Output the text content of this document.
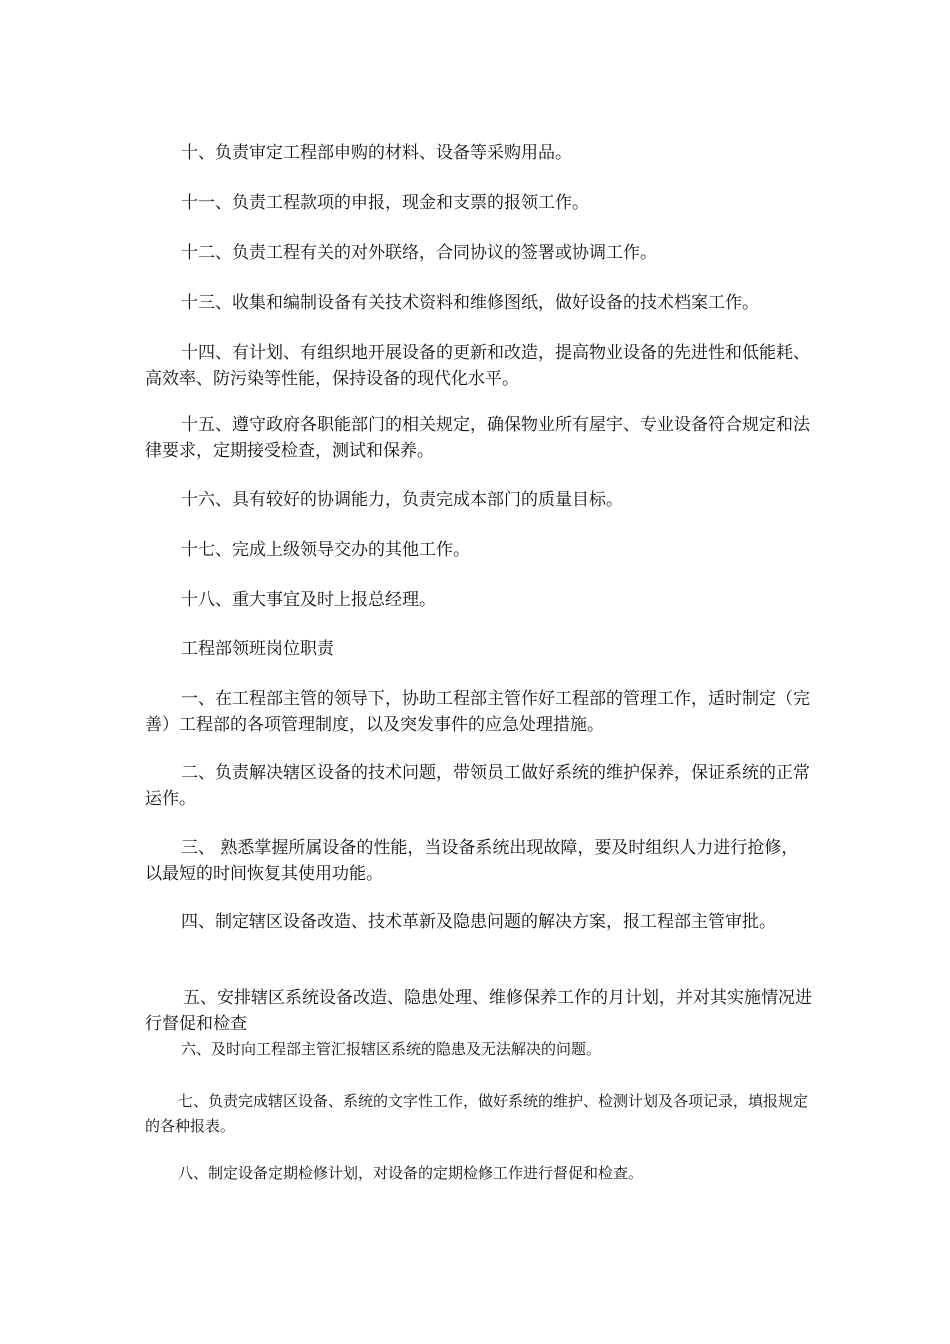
十、负责审定工程部申购的材料、设备等采购用品。

十一、负责工程款项的申报，现金和支票的报领工作。

十二、负责工程有关的对外联络，合同协议的签署或协调工作。

十三、收集和编制设备有关技术资料和维修图纸，做好设备的技术档案工作。

十四、有计划、有组织地开展设备的更新和改造，提高物业设备的先进性和低能耗、高效率、防污染等性能，保持设备的现代化水平。

十五、遵守政府各职能部门的相关规定，确保物业所有屋宇、专业设备符合规定和法律要求，定期接受检查，测试和保养。

十六、具有较好的协调能力，负责完成本部门的质量目标。

十七、完成上级领导交办的其他工作。

十八、重大事宜及时上报总经理。

工程部领班岗位职责

一、在工程部主管的领导下，协助工程部主管作好工程部的管理工作，适时制定（完善）工程部的各项管理制度，以及突发事件的应急处理措施。

二、负责解决辖区设备的技术问题，带领员工做好系统的维护保养，保证系统的正常运作。

三、 熟悉掌握所属设备的性能，当设备系统出现故障，要及时组织人力进行抢修，以最短的时间恢复其使用功能。

四、制定辖区设备改造、技术革新及隐患问题的解决方案，报工程部主管审批。

五、安排辖区系统设备改造、隐患处理、维修保养工作的月计划，并对其实施情况进行督促和检查

六、及时向工程部主管汇报辖区系统的隐患及无法解决的问题。

七、负责完成辖区设备、系统的文字性工作，做好系统的维护、检测计划及各项记录，填报规定的各种报表。

八、制定设备定期检修计划，对设备的定期检修工作进行督促和检查。
